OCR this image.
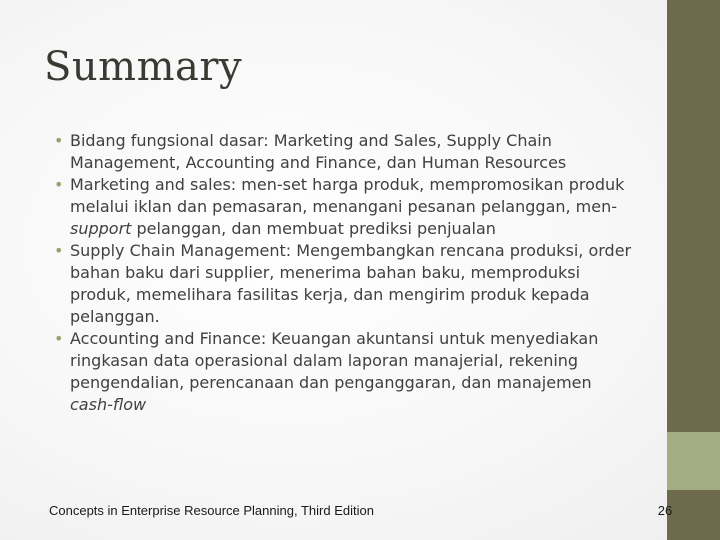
Summary
• Bidang fungsional dasar: Marketing and Sales, Supply Chain Management, Accounting and Finance, dan Human Resources
• Marketing and sales: men-set harga produk, mempromosikan produk melalui iklan dan pemasaran, menangani pesanan pelanggan, men-support pelanggan, dan membuat prediksi penjualan
• Supply Chain Management: Mengembangkan rencana produksi, order bahan baku dari supplier, menerima bahan baku, memproduksi produk, memelihara fasilitas kerja, dan mengirim produk kepada pelanggan.
• Accounting and Finance: Keuangan akuntansi untuk menyediakan ringkasan data operasional dalam laporan manajerial, rekening pengendalian, perencanaan dan penganggaran, dan manajemen cash-flow
Concepts in Enterprise Resource Planning, Third Edition	26
